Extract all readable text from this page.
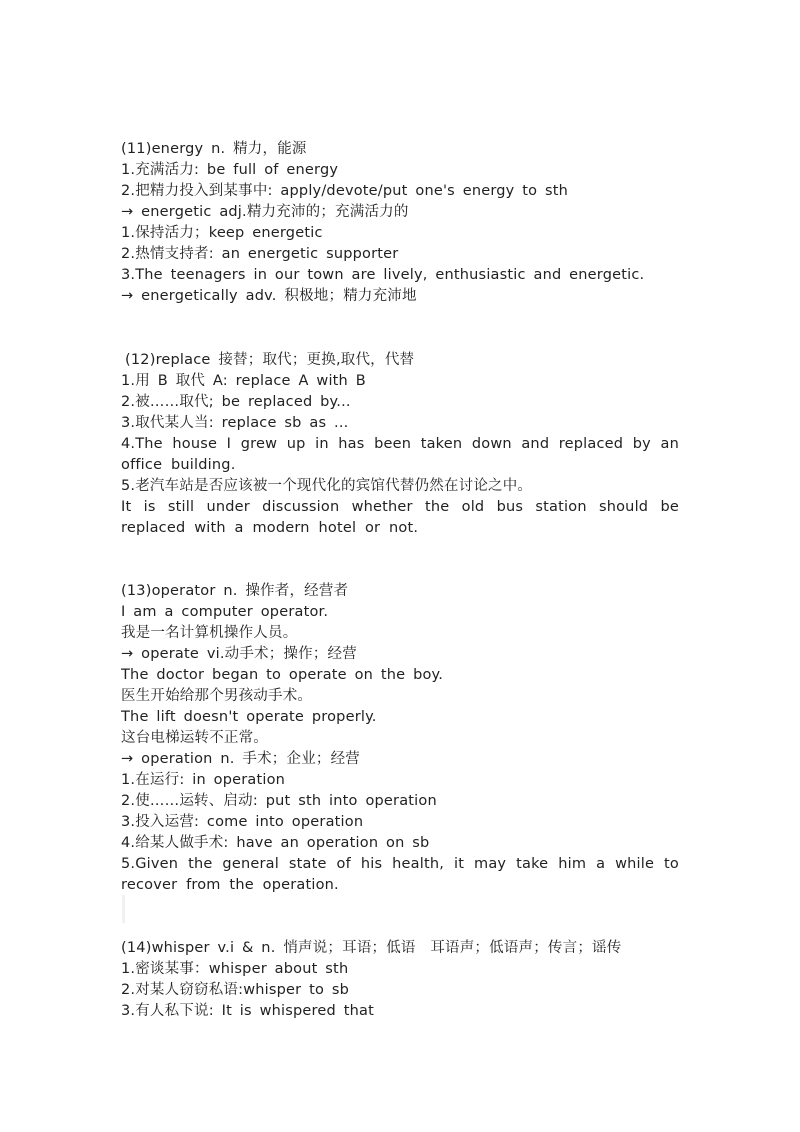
(11)energy n. 精力，能源
1.充满活力: be full of energy
2.把精力投入到某事中: apply/devote/put one's energy to sth
→ energetic adj.精力充沛的；充满活力的
1.保持活力；keep energetic
2.热情支持者: an energetic supporter
3.The teenagers in our town are lively, enthusiastic and energetic.
→ energetically adv. 积极地；精力充沛地
(12)replace 接替；取代；更换,取代，代替
1.用 B 取代 A: replace A with B
2.被……取代; be replaced by...
3.取代某人当: replace sb as ...
4.The house I grew up in has been taken down and replaced by an office building.
5.老汽车站是否应该被一个现代化的宾馆代替仍然在讨论之中。
It is still under discussion whether the old bus station should be replaced with a modern hotel or not.
(13)operator n. 操作者，经营者
I am a computer operator.
我是一名计算机操作人员。
→ operate vi.动手术；操作；经营
The doctor began to operate on the boy.
医生开始给那个男孩动手术。
The lift doesn't operate properly.
这台电梯运转不正常。
→ operation n. 手术；企业；经营
1.在运行: in operation
2.使……运转、启动: put sth into operation
3.投入运营: come into operation
4.给某人做手术: have an operation on sb
5.Given the general state of his health, it may take him a while to recover from the operation.
(14)whisper v.i & n. 悄声说；耳语；低语　耳语声；低语声；传言；谣传
1.密谈某事：whisper about sth
2.对某人窃窃私语:whisper to sb
3.有人私下说: It is whispered that
